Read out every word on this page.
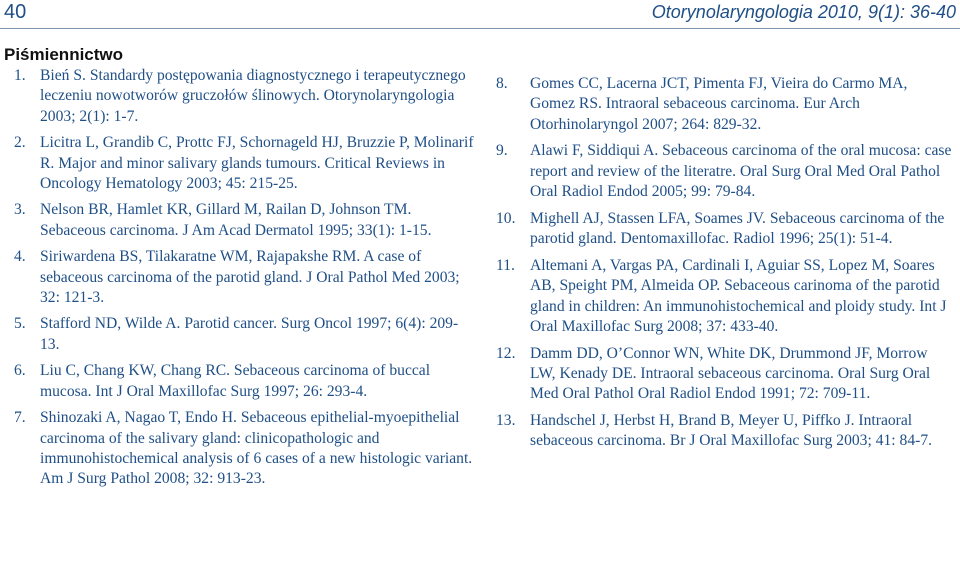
40	Otorynolaryngologia 2010, 9(1): 36-40
Piśmiennictwo
1. Bień S. Standardy postępowania diagnostycznego i terapeutycznego leczeniu nowotworów gruczołów ślinowych. Otorynolaryngologia 2003; 2(1): 1-7.
2. Licitra L, Grandib C, Prottc FJ, Schornageld HJ, Bruzzie P, Molinarif R. Major and minor salivary glands tumours. Critical Reviews in Oncology Hematology 2003; 45: 215-25.
3. Nelson BR, Hamlet KR, Gillard M, Railan D, Johnson TM. Sebaceous carcinoma. J Am Acad Dermatol 1995; 33(1): 1-15.
4. Siriwardena BS, Tilakaratne WM, Rajapakshe RM. A case of sebaceous carcinoma of the parotid gland. J Oral Pathol Med 2003; 32: 121-3.
5. Stafford ND, Wilde A. Parotid cancer. Surg Oncol 1997; 6(4): 209-13.
6. Liu C, Chang KW, Chang RC. Sebaceous carcinoma of buccal mucosa. Int J Oral Maxillofac Surg 1997; 26: 293-4.
7. Shinozaki A, Nagao T, Endo H. Sebaceous epithelial-myoepithelial carcinoma of the salivary gland: clinicopathologic and immunohistochemical analysis of 6 cases of a new histologic variant. Am J Surg Pathol 2008; 32: 913-23.
8. Gomes CC, Lacerna JCT, Pimenta FJ, Vieira do Carmo MA, Gomez RS. Intraoral sebaceous carcinoma. Eur Arch Otorhinolaryngol 2007; 264: 829-32.
9. Alawi F, Siddiqui A. Sebaceous carcinoma of the oral mucosa: case report and review of the literatre. Oral Surg Oral Med Oral Pathol Oral Radiol Endod 2005; 99: 79-84.
10. Mighell AJ, Stassen LFA, Soames JV. Sebaceous carcinoma of the parotid gland. Dentomaxillofac. Radiol 1996; 25(1): 51-4.
11. Altemani A, Vargas PA, Cardinali I, Aguiar SS, Lopez M, Soares AB, Speight PM, Almeida OP. Sebaceous carinoma of the parotid gland in children: An immunohistochemical and ploidy study. Int J Oral Maxillofac Surg 2008; 37: 433-40.
12. Damm DD, O’Connor WN, White DK, Drummond JF, Morrow LW, Kenady DE. Intraoral sebaceous carcinoma. Oral Surg Oral Med Oral Pathol Oral Radiol Endod 1991; 72: 709-11.
13. Handschel J, Herbst H, Brand B, Meyer U, Piffko J. Intraoral sebaceous carcinoma. Br J Oral Maxillofac Surg 2003; 41: 84-7.
